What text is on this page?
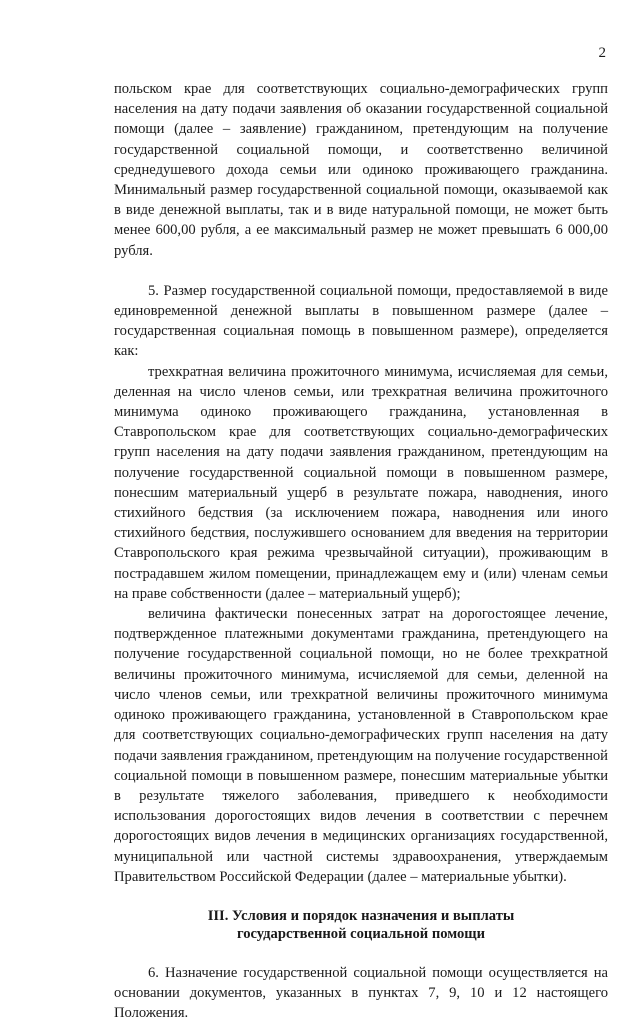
2

польском крае для соответствующих социально-демографических групп населения на дату подачи заявления об оказании государственной социальной помощи (далее – заявление) гражданином, претендующим на получение государственной социальной помощи, и соответственно величиной среднедушевого дохода семьи или одиноко проживающего гражданина. Минимальный размер государственной социальной помощи, оказываемой как в виде денежной выплаты, так и в виде натуральной помощи, не может быть менее 600,00 рубля, а ее максимальный размер не может превышать 6 000,00 рубля.

5. Размер государственной социальной помощи, предоставляемой в виде единовременной денежной выплаты в повышенном размере (далее – государственная социальная помощь в повышенном размере), определяется как:

трехкратная величина прожиточного минимума, исчисляемая для семьи, деленная на число членов семьи, или трехкратная величина прожиточного минимума одиноко проживающего гражданина, установленная в Ставропольском крае для соответствующих социально-демографических групп населения на дату подачи заявления гражданином, претендующим на получение государственной социальной помощи в повышенном размере, понесшим материальный ущерб в результате пожара, наводнения, иного стихийного бедствия (за исключением пожара, наводнения или иного стихийного бедствия, послужившего основанием для введения на территории Ставропольского края режима чрезвычайной ситуации), проживающим в пострадавшем жилом помещении, принадлежащем ему и (или) членам семьи на праве собственности (далее – материальный ущерб);

величина фактически понесенных затрат на дорогостоящее лечение, подтвержденное платежными документами гражданина, претендующего на получение государственной социальной помощи, но не более трехкратной величины прожиточного минимума, исчисляемой для семьи, деленной на число членов семьи, или трехкратной величины прожиточного минимума одиноко проживающего гражданина, установленной в Ставропольском крае для соответствующих социально-демографических групп населения на дату подачи заявления гражданином, претендующим на получение государственной социальной помощи в повышенном размере, понесшим материальные убытки в результате тяжелого заболевания, приведшего к необходимости использования дорогостоящих видов лечения в соответствии с перечнем дорогостоящих видов лечения в медицинских организациях государственной, муниципальной или частной системы здравоохранения, утверждаемым Правительством Российской Федерации (далее – материальные убытки).

III. Условия и порядок назначения и выплаты
государственной социальной помощи

6. Назначение государственной социальной помощи осуществляется на основании документов, указанных в пунктах 7, 9, 10 и 12 настоящего Положения.
